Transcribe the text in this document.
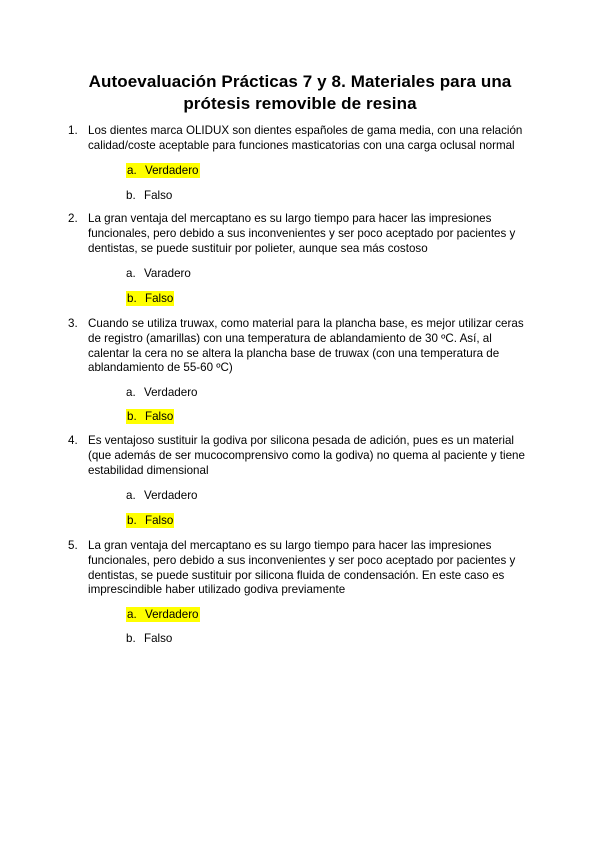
Autoevaluación Prácticas 7 y 8. Materiales para una prótesis removible de resina
1. Los dientes marca OLIDUX son dientes españoles de gama media, con una relación calidad/coste aceptable para funciones masticatorias con una carga oclusal normal
a. Verdadero
b. Falso
2. La gran ventaja del mercaptano es su largo tiempo para hacer las impresiones funcionales, pero debido a sus inconvenientes y ser poco aceptado por pacientes y dentistas, se puede sustituir por polieter, aunque sea más costoso
a. Varadero
b. Falso
3. Cuando se utiliza truwax, como material para la plancha base, es mejor utilizar ceras de registro (amarillas) con una temperatura de ablandamiento de 30 ºC. Así, al calentar la cera no se altera la plancha base de truwax (con una temperatura de ablandamiento de 55-60 ºC)
a. Verdadero
b. Falso
4. Es ventajoso sustituir la godiva por silicona pesada de adición, pues es un material (que además de ser mucocomprensivo como la godiva) no quema al paciente y tiene estabilidad dimensional
a. Verdadero
b. Falso
5. La gran ventaja del mercaptano es su largo tiempo para hacer las impresiones funcionales, pero debido a sus inconvenientes y ser poco aceptado por pacientes y dentistas, se puede sustituir por silicona fluida de condensación. En este caso es imprescindible haber utilizado godiva previamente
a. Verdadero
b. Falso
